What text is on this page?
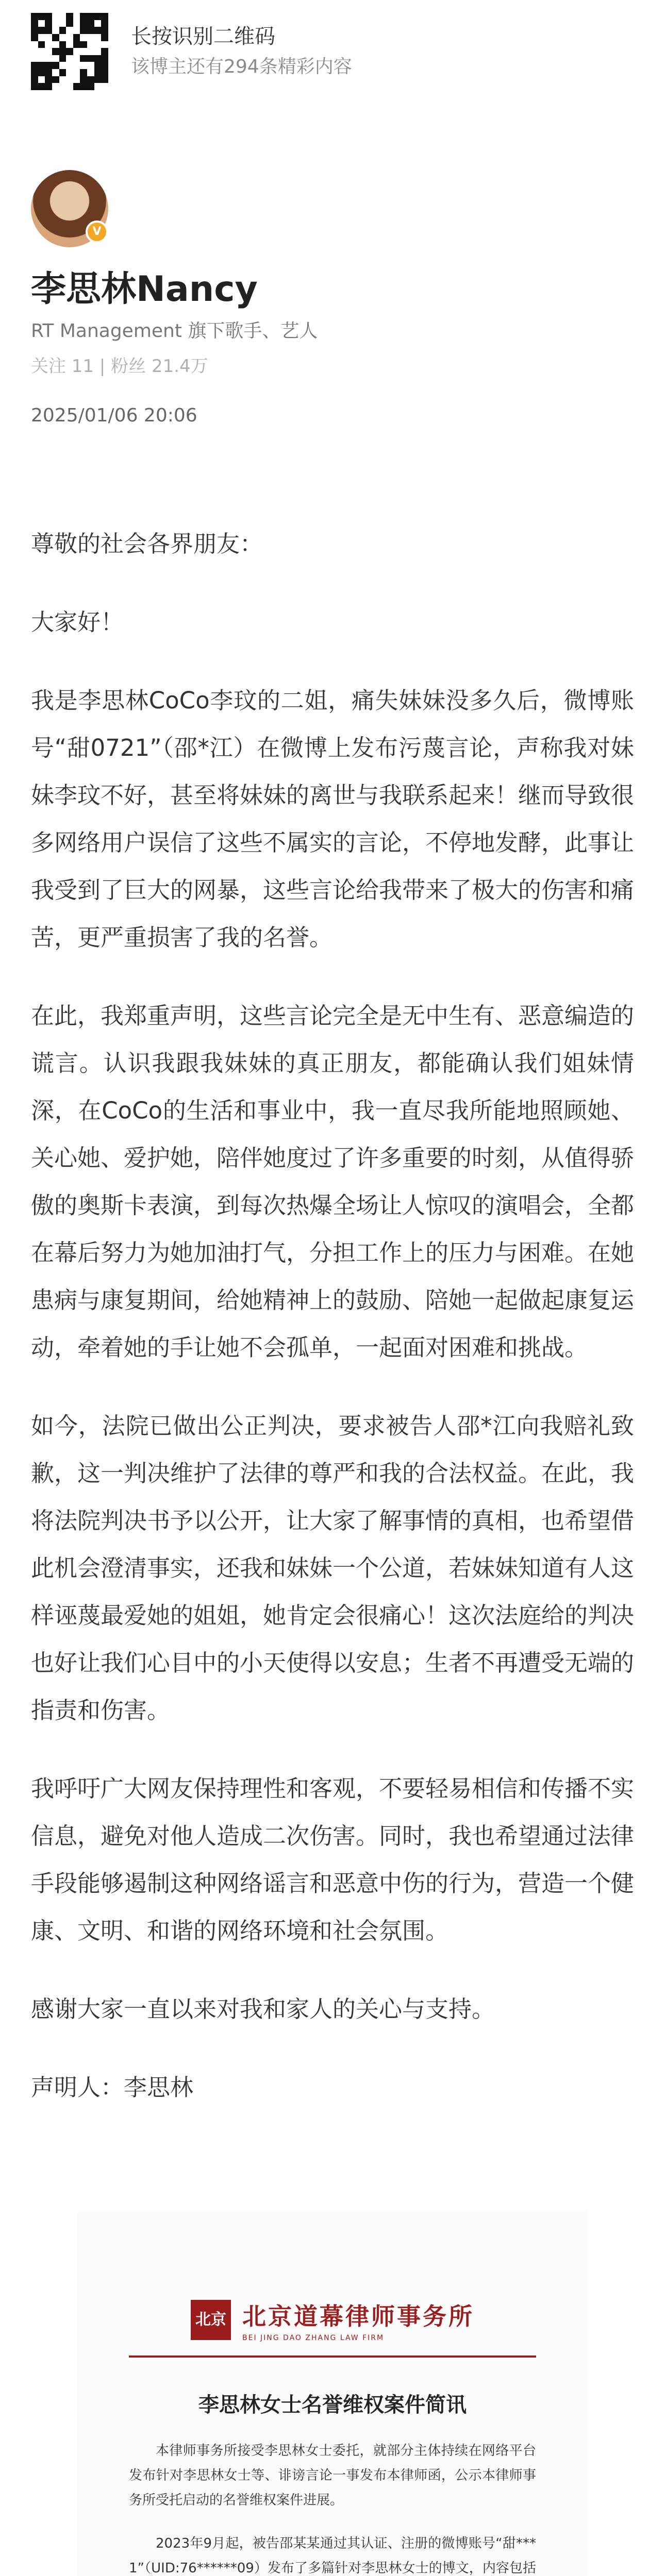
长按识别二维码
该博主还有294条精彩内容
V
李思林Nancy
RT Management 旗下歌手、艺人
关注 11 | 粉丝 21.4万
2025/01/06 20:06

尊敬的社会各界朋友：

大家好！

我是李思林CoCo李玟的二姐，痛失妹妹没多久后，微博账号“甜0721”（邵*江）在微博上发布污蔑言论，声称我对妹妹李玟不好，甚至将妹妹的离世与我联系起来！继而导致很多网络用户误信了这些不属实的言论，不停地发酵，此事让我受到了巨大的网暴，这些言论给我带来了极大的伤害和痛苦，更严重损害了我的名誉。

在此，我郑重声明，这些言论完全是无中生有、恶意编造的谎言。认识我跟我妹妹的真正朋友，都能确认我们姐妹情深，在CoCo的生活和事业中，我一直尽我所能地照顾她、关心她、爱护她，陪伴她度过了许多重要的时刻，从值得骄傲的奥斯卡表演，到每次热爆全场让人惊叹的演唱会，全都在幕后努力为她加油打气，分担工作上的压力与困难。在她患病与康复期间，给她精神上的鼓励、陪她一起做起康复运动，牵着她的手让她不会孤单，一起面对困难和挑战。

如今，法院已做出公正判决，要求被告人邵*江向我赔礼致歉，这一判决维护了法律的尊严和我的合法权益。在此，我将法院判决书予以公开，让大家了解事情的真相，也希望借此机会澄清事实，还我和妹妹一个公道，若妹妹知道有人这样诬蔑最爱她的姐姐，她肯定会很痛心！这次法庭给的判决也好让我们心目中的小天使得以安息；生者不再遭受无端的指责和伤害。

我呼吁广大网友保持理性和客观，不要轻易相信和传播不实信息，避免对他人造成二次伤害。同时，我也希望通过法律手段能够遏制这种网络谣言和恶意中伤的行为，营造一个健康、文明、和谐的网络环境和社会氛围。

感谢大家一直以来对我和家人的关心与支持。

声明人：李思林

北京 北京道幕律师事务所
BEI JING DAO ZHANG LAW FIRM
李思林女士名誉维权案件简讯

本律师事务所接受李思林女士委托，就部分主体持续在网络平台发布针对李思林女士等、诽谤言论一事发布本律师函，公示本律师事务所受托启动的名誉维权案件进展。

2023年9月起，被告邵某某通过其认证、注册的微博账号“甜***1”（UID:76******09）发布了多篇针对李思林女士的博文，内容包括
